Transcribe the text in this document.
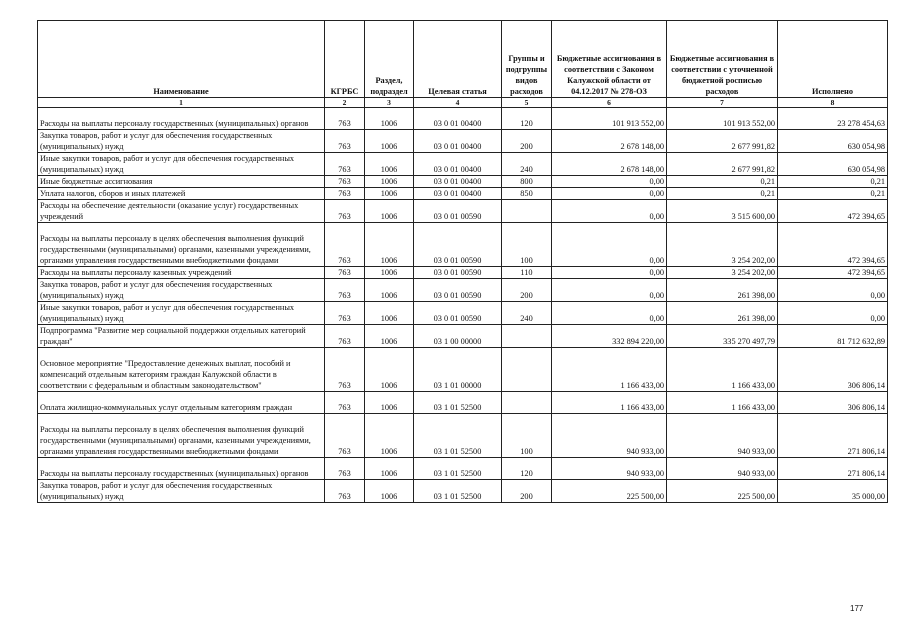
Наименование	КГРБС	Раздел, подраздел	Целевая статья	Группы и подгруппы видов расходов	Бюджетные ассигнования в соответствии с Законом Калужской области от 04.12.2017 № 278-ОЗ	Бюджетные ассигнования в соответствии с уточненной бюджетной росписью расходов	Исполнено
1	2	3	4	5	6	7	8
Расходы на выплаты персоналу государственных (муниципальных) органов	763	1006	03 0 01 00400	120	101 913 552,00	101 913 552,00	23 278 454,63
Закупка товаров, работ и услуг для обеспечения государственных (муниципальных) нужд	763	1006	03 0 01 00400	200	2 678 148,00	2 677 991,82	630 054,98
Иные закупки товаров, работ и услуг для обеспечения государственных (муниципальных) нужд	763	1006	03 0 01 00400	240	2 678 148,00	2 677 991,82	630 054,98
Иные бюджетные ассигнования	763	1006	03 0 01 00400	800	0,00	0,21	0,21
Уплата налогов, сборов и иных платежей	763	1006	03 0 01 00400	850	0,00	0,21	0,21
Расходы на обеспечение деятельности (оказание услуг) государственных учреждений	763	1006	03 0 01 00590		0,00	3 515 600,00	472 394,65
Расходы на выплаты персоналу в целях обеспечения выполнения функций государственными (муниципальными) органами, казенными учреждениями, органами управления государственными внебюджетными фондами	763	1006	03 0 01 00590	100	0,00	3 254 202,00	472 394,65
Расходы на выплаты персоналу казенных учреждений	763	1006	03 0 01 00590	110	0,00	3 254 202,00	472 394,65
Закупка товаров, работ и услуг для обеспечения государственных (муниципальных) нужд	763	1006	03 0 01 00590	200	0,00	261 398,00	0,00
Иные закупки товаров, работ и услуг для обеспечения государственных (муниципальных) нужд	763	1006	03 0 01 00590	240	0,00	261 398,00	0,00
Подпрограмма "Развитие мер социальной поддержки отдельных категорий граждан"	763	1006	03 1 00 00000		332 894 220,00	335 270 497,79	81 712 632,89
Основное мероприятие "Предоставление денежных выплат, пособий и компенсаций отдельным категориям граждан Калужской области в соответствии с федеральным и областным законодательством"	763	1006	03 1 01 00000		1 166 433,00	1 166 433,00	306 806,14
Оплата жилищно-коммунальных услуг отдельным категориям граждан	763	1006	03 1 01 52500		1 166 433,00	1 166 433,00	306 806,14
Расходы на выплаты персоналу в целях обеспечения выполнения функций государственными (муниципальными) органами, казенными учреждениями, органами управления государственными внебюджетными фондами	763	1006	03 1 01 52500	100	940 933,00	940 933,00	271 806,14
Расходы на выплаты персоналу государственных (муниципальных) органов	763	1006	03 1 01 52500	120	940 933,00	940 933,00	271 806,14
Закупка товаров, работ и услуг для обеспечения государственных (муниципальных) нужд	763	1006	03 1 01 52500	200	225 500,00	225 500,00	35 000,00
177
